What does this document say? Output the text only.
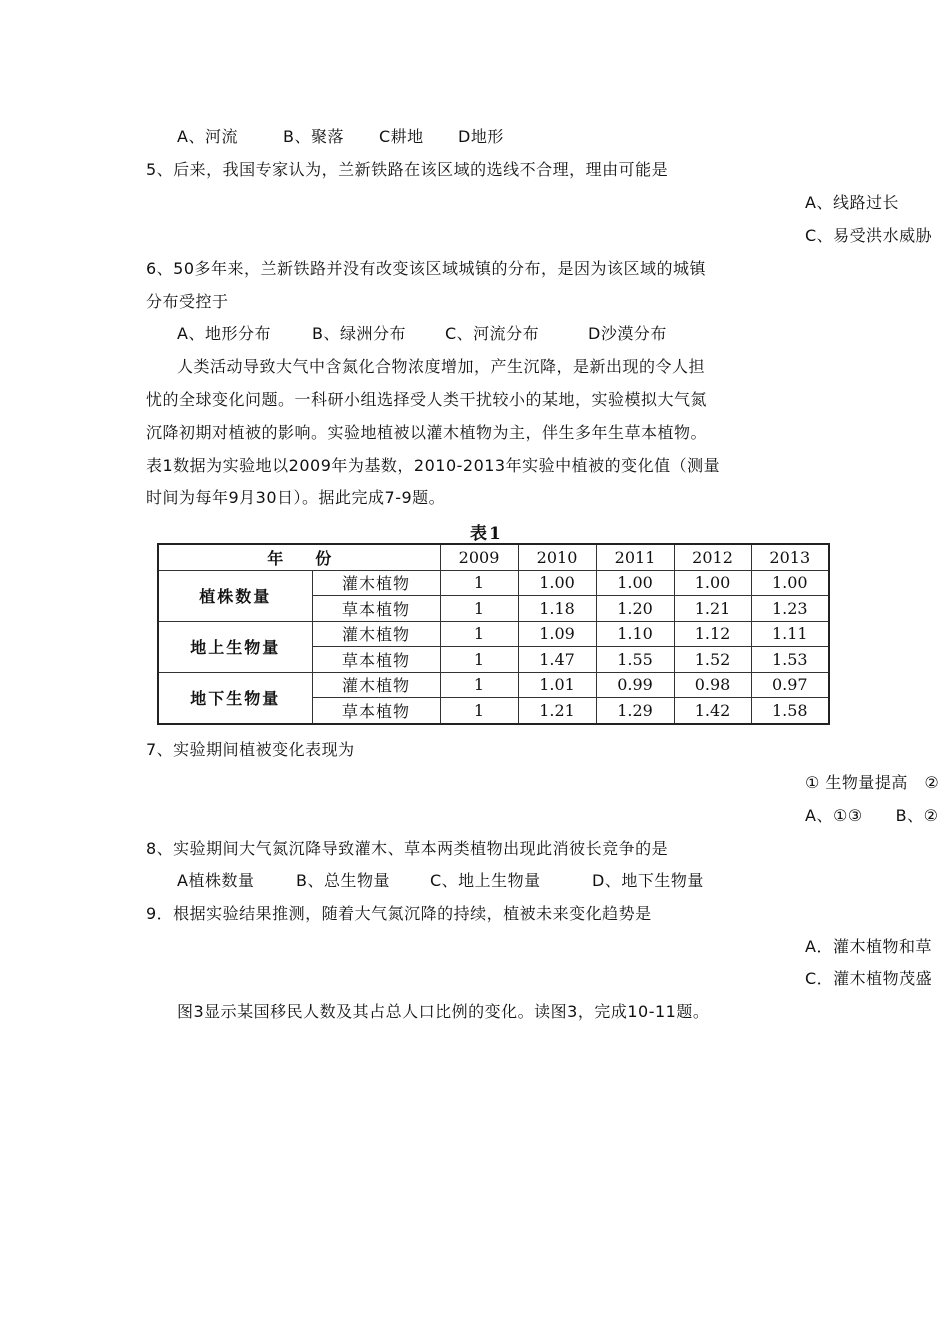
A、河流	B、聚落 C耕地 D地形
5、后来，我国专家认为，兰新铁路在该区域的选线不合理，理由可能是
A、线路过长
C、易受洪水威胁
6、50多年来，兰新铁路并没有改变该区域城镇的分布，是因为该区域的城镇
分布受控于
A、地形分布	B、绿洲分布 C、河流分布	D沙漠分布
人类活动导致大气中含氮化合物浓度增加，产生沉降，是新出现的令人担
忧的全球变化问题。一科研小组选择受人类干扰较小的某地，实验模拟大气氮
沉降初期对植被的影响。实验地植被以灌木植物为主，伴生多年生草本植物。
表1数据为实验地以2009年为基数，2010-2013年实验中植被的变化值（测量
时间为每年9月30日）。据此完成7-9题。
表1
年　　份		2009	2010	2011	2012	2013
植株数量	灌木植物	1	1.00	1.00	1.00	1.00
	草本植物	1	1.18	1.20	1.21	1.23
地上生物量	灌木植物	1	1.09	1.10	1.12	1.11
	草本植物	1	1.47	1.55	1.52	1.53
地下生物量	灌木植物	1	1.01	0.99	0.98	0.97
	草本植物	1	1.21	1.29	1.42	1.58
7、实验期间植被变化表现为
① 生物量提高　②
A、①③　　B、②
8、实验期间大气氮沉降导致灌木、草本两类植物出现此消彼长竞争的是
A植株数量	B、总生物量	C、地上生物量	D、地下生物量
9．根据实验结果推测，随着大气氮沉降的持续，植被未来变化趋势是
A．灌木植物和草
C．灌木植物茂盛
图3显示某国移民人数及其占总人口比例的变化。读图3，完成10-11题。
